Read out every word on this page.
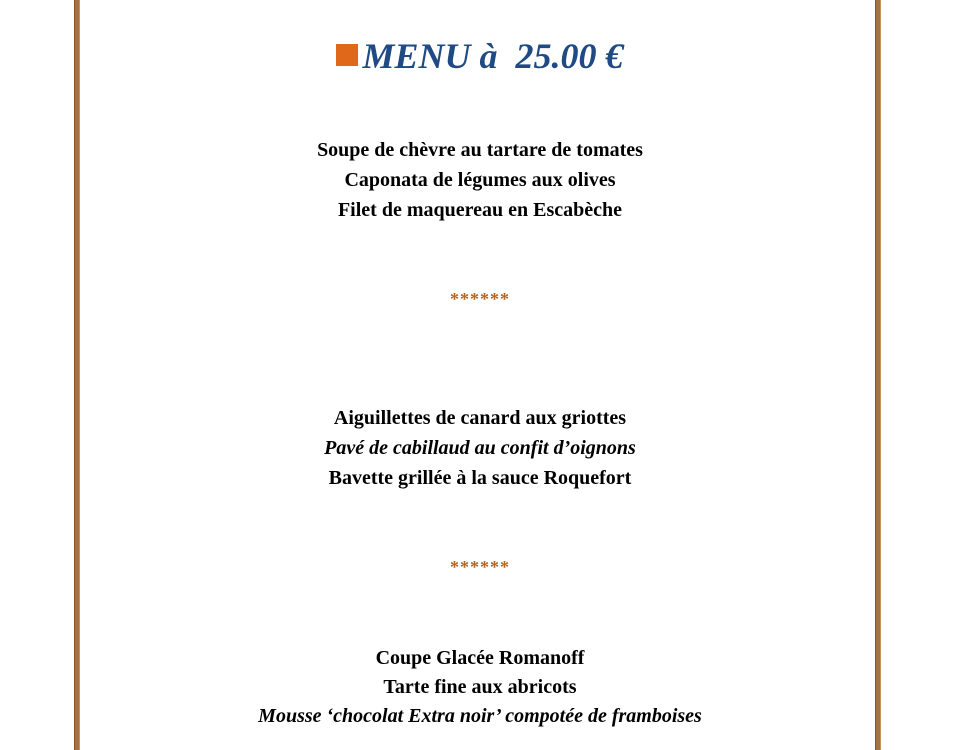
MENU à  25.00 €
Soupe de chèvre au tartare de tomates
Caponata de légumes aux olives
Filet de maquereau en Escabèche
******
Aiguillettes de canard aux griottes
Pavé de cabillaud au confit d’oignons
Bavette grillée à la sauce Roquefort
******
Coupe Glacée Romanoff
Tarte fine aux abricots
Mousse ‘chocolat Extra noir’ compotée de framboises
